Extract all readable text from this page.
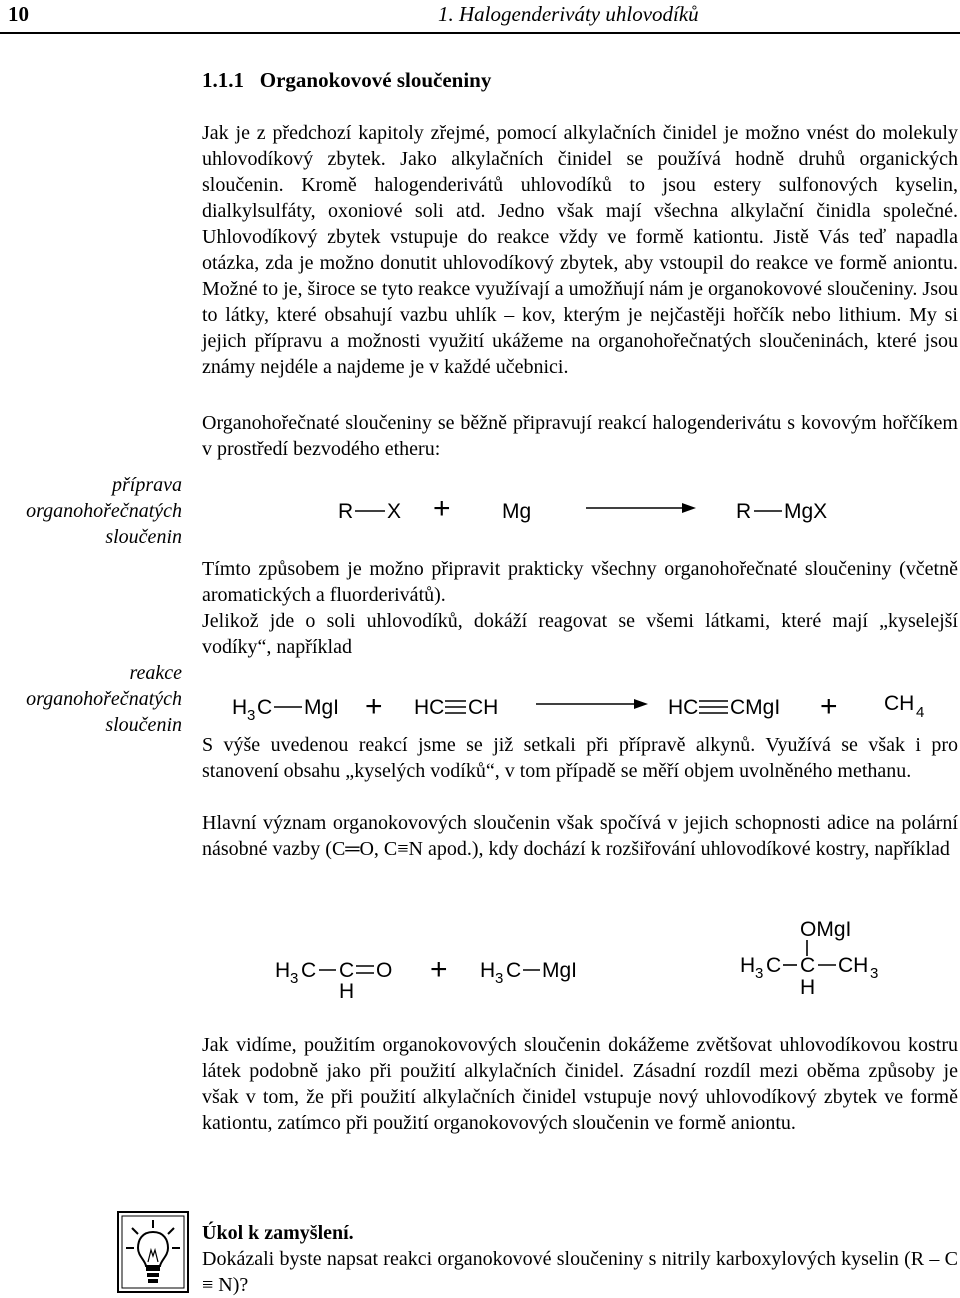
10	1. Halogenderiváty uhlovodíků
1.1.1   Organokovové sloučeniny

Jak je z předchozí kapitoly zřejmé, pomocí alkylačních činidel je možno vnést do molekuly uhlovodíkový zbytek. Jako alkylačních činidel se používá hodně druhů organických sloučenin. Kromě halogenderivátů uhlovodíků to jsou estery sulfonových kyselin, dialkylsulfáty, oxoniové soli atd. Jedno však mají všechna alkylační činidla společné. Uhlovodíkový zbytek vstupuje do reakce vždy ve formě kationtu. Jistě Vás teď napadla otázka, zda je možno donutit uhlovodíkový zbytek, aby vstoupil do reakce ve formě aniontu. Možné to je, široce se tyto reakce využívají a umožňují nám je organokovové sloučeniny. Jsou to látky, které obsahují vazbu uhlík – kov, kterým je nejčastěji hořčík nebo lithium. My si jejich přípravu a možnosti využití ukážeme na organohořečnatých sloučeninách, které jsou známy nejdéle a najdeme je v každé učebnici.

Organohořečnaté sloučeniny se běžně připravují reakcí halogenderivátu s kovovým hořčíkem v prostředí bezvodého etheru:

příprava
organohořečnatých
sloučenin
R X + Mg	R MgX

Tímto způsobem je možno připravit prakticky všechny organohořečnaté sloučeniny (včetně aromatických a fluorderivátů).

Jelikož jde o soli uhlovodíků, dokáží reagovat se všemi látkami, které mají „kyselejší vodíky“, například

reakce
organohořečnatých
sloučenin
H 3 C MgI + HC CH	HC CMgI + CH 4

S výše uvedenou reakcí jsme se již setkali při přípravě alkynů. Využívá se však i pro stanovení obsahu „kyselých vodíků“, v tom případě se měří objem uvolněného methanu.

Hlavní význam organokovových sloučenin však spočívá v jejich schopnosti adice na polární násobné vazby (C═O, C≡N apod.), kdy dochází k rozšiřování uhlovodíkové kostry, například

H 3 C C O
H
+ H 3 C MgI
OMgI
H 3 C C CH 3
H

Jak vidíme, použitím organokovových sloučenin dokážeme zvětšovat uhlovodíkovou kostru látek podobně jako při použití alkylačních činidel. Zásadní rozdíl mezi oběma způsoby je však v tom, že při použití alkylačních činidel vstupuje nový uhlovodíkový zbytek ve formě kationtu, zatímco při použití organokovových sloučenin ve formě aniontu.

Úkol k zamyšlení.
Dokázali byste napsat reakci organokovové sloučeniny s nitrily karboxylových kyselin (R – C ≡ N)?
